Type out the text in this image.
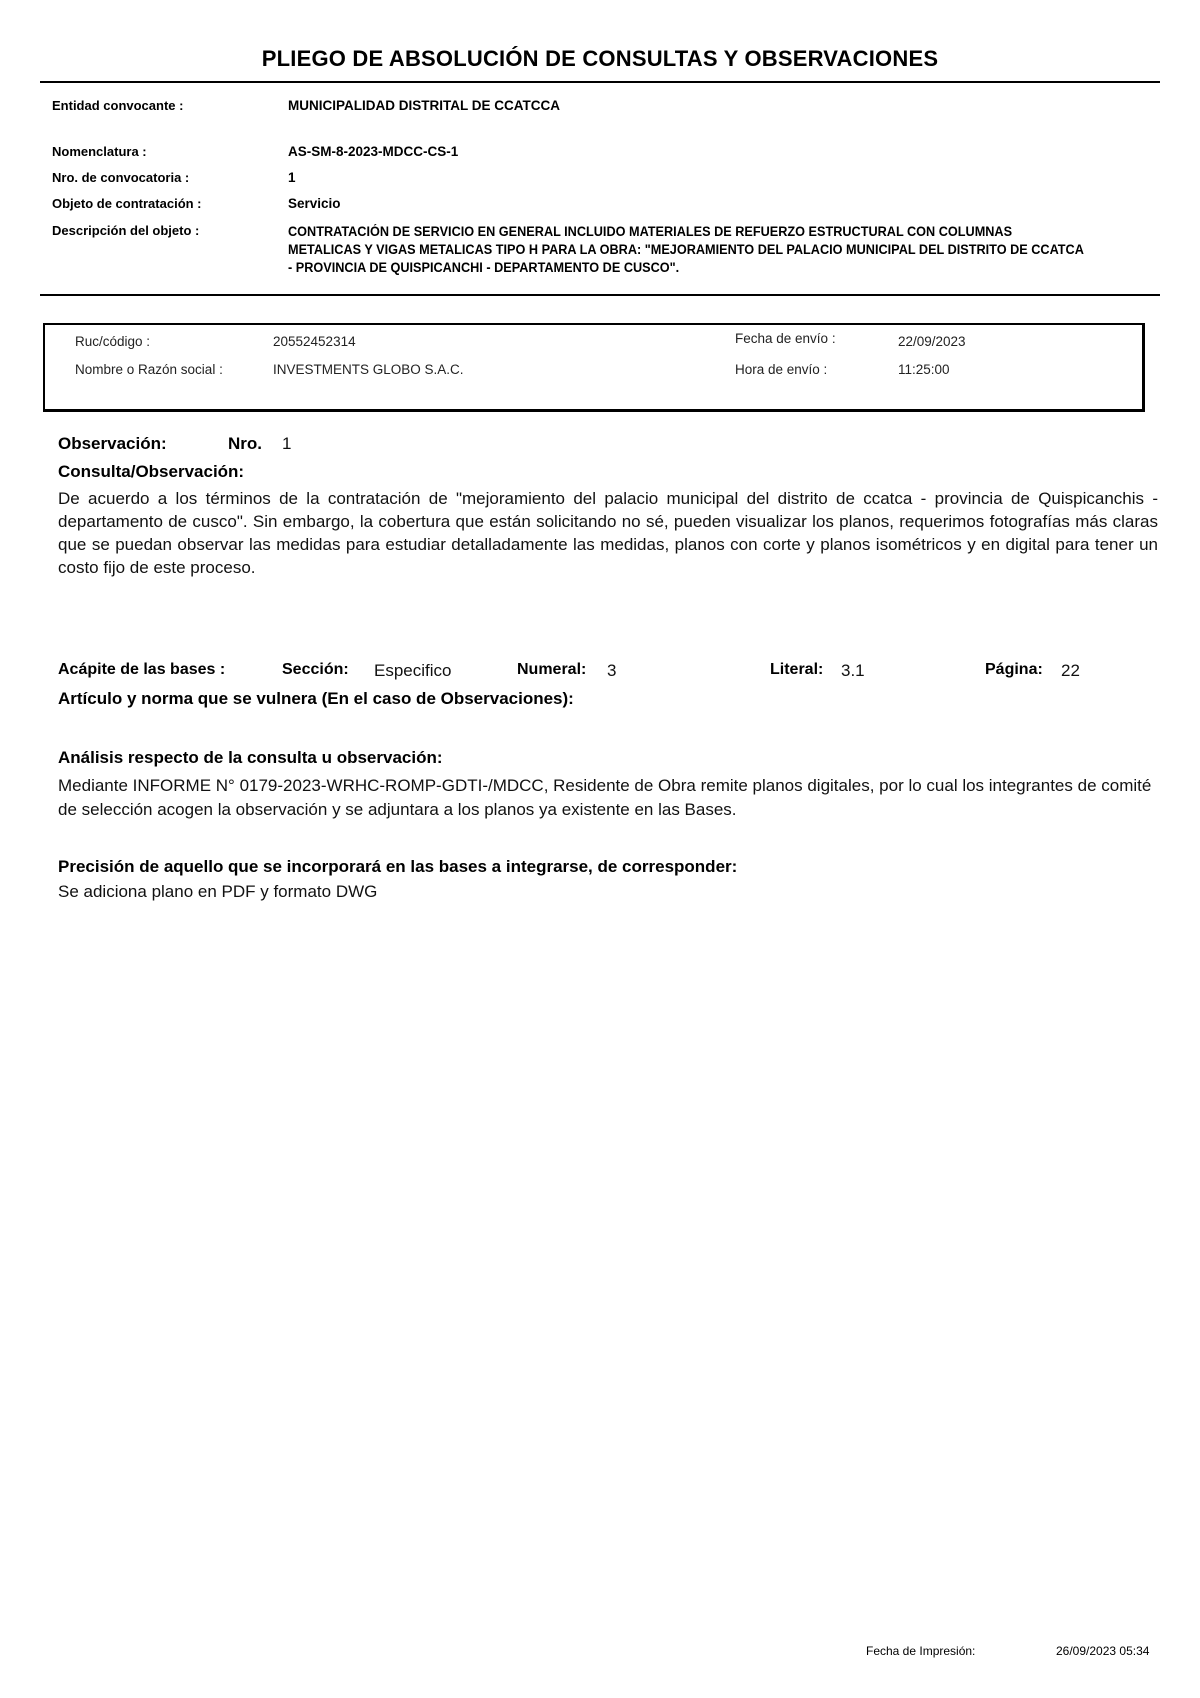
PLIEGO DE ABSOLUCIÓN DE CONSULTAS Y OBSERVACIONES
Entidad convocante :	MUNICIPALIDAD DISTRITAL DE CCATCCA
Nomenclatura :	AS-SM-8-2023-MDCC-CS-1
Nro. de convocatoria :	1
Objeto de contratación :	Servicio
Descripción del objeto :	CONTRATACIÓN DE SERVICIO EN GENERAL INCLUIDO MATERIALES DE REFUERZO ESTRUCTURAL CON COLUMNAS METALICAS Y VIGAS METALICAS TIPO H PARA LA OBRA: "MEJORAMIENTO DEL PALACIO MUNICIPAL DEL DISTRITO DE CCATCA - PROVINCIA DE QUISPICANCHI - DEPARTAMENTO DE CUSCO".
Ruc/código :	20552452314	Fecha de envío :	22/09/2023
Nombre o Razón social :	INVESTMENTS GLOBO S.A.C.	Hora de envío :	11:25:00
Observación:	Nro. 1
Consulta/Observación:
De acuerdo a los términos de la contratación de "mejoramiento del palacio municipal del distrito de ccatca - provincia de Quispicanchis - departamento de cusco". Sin embargo, la cobertura que están solicitando no sé, pueden visualizar los planos, requerimos fotografías más claras que se puedan observar las medidas para estudiar detalladamente las medidas, planos con corte y planos isométricos y en digital para tener un costo fijo de este proceso.
Acápite de las bases :	Sección: Especifico	Numeral: 3	Literal: 3.1	Página: 22
Artículo y norma que se vulnera (En el caso de Observaciones):
Análisis respecto de la consulta u observación:
Mediante INFORME N° 0179-2023-WRHC-ROMP-GDTI-/MDCC, Residente de Obra remite planos digitales, por lo cual los integrantes de comité de selección acogen la observación y se adjuntara a los planos ya existente en las Bases.
Precisión de aquello que se incorporará en las bases a integrarse, de corresponder:
Se adiciona plano en PDF y formato DWG
Fecha de Impresión:	26/09/2023 05:34
